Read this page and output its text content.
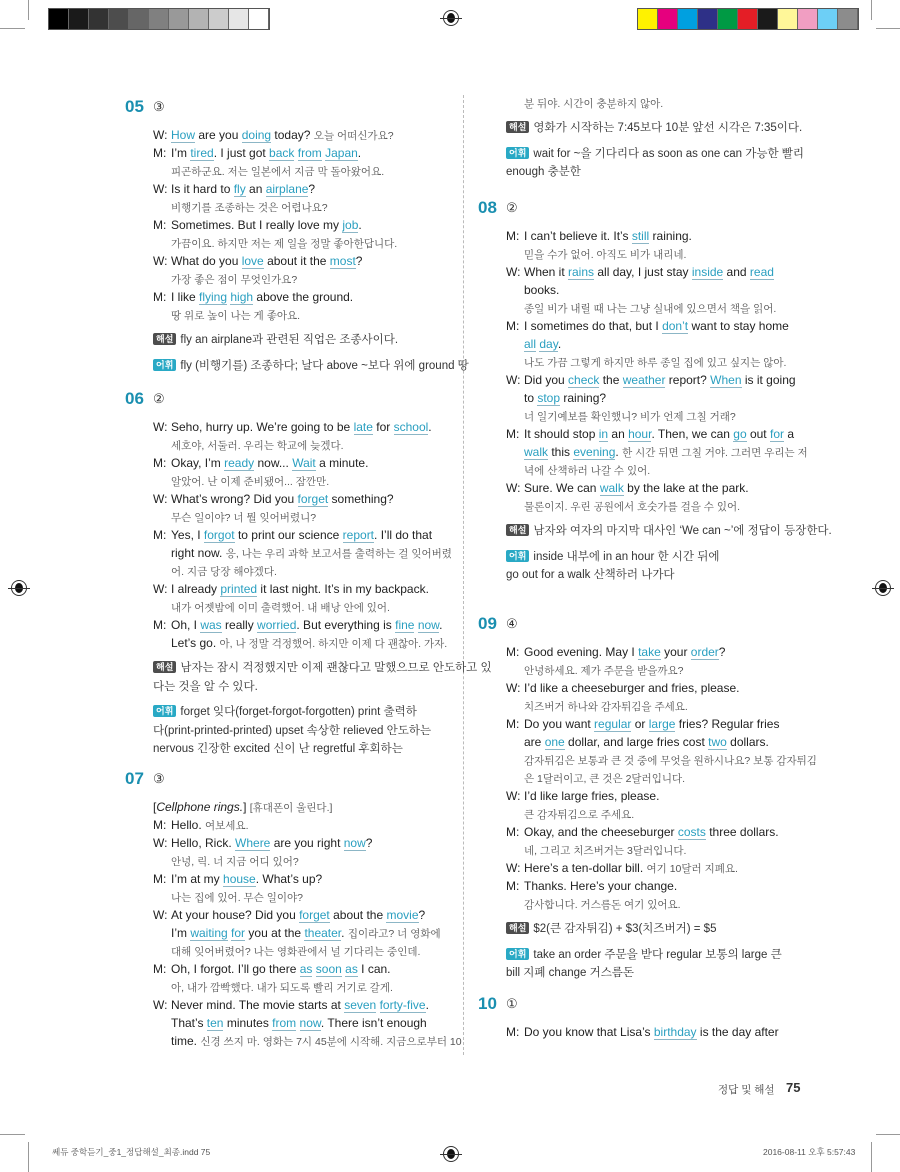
05 ③
W: How are you doing today? 오늘 어떠신가요?
M: I’m tired. I just got back from Japan.
피곤하군요. 저는 일본에서 지금 막 돌아왔어요.
W: Is it hard to fly an airplane?
비행기를 조종하는 것은 어렵나요?
M: Sometimes. But I really love my job.
가끔이요. 하지만 저는 제 일을 정말 좋아한답니다.
W: What do you love about it the most?
가장 좋은 점이 무엇인가요?
M: I like flying high above the ground.
땅 위로 높이 나는 게 좋아요.
해설 fly an airplane과 관련된 직업은 조종사이다.
어휘 fly (비행기를) 조종하다; 날다 above ~보다 위에 ground 땅
06 ②
W: Seho, hurry up. We’re going to be late for school.
세호야, 서둘러. 우리는 학교에 늦겠다.
M: Okay, I’m ready now... Wait a minute.
알았어. 난 이제 준비됐어... 잠깐만.
W: What’s wrong? Did you forget something?
무슨 일이야? 너 뭘 잊어버렸니?
M: Yes, I forgot to print our science report. I’ll do that
right now. 응, 나는 우리 과학 보고서를 출력하는 걸 잊어버렸
어. 지금 당장 해야겠다.
W: I already printed it last night. It’s in my backpack.
내가 어젯밤에 이미 출력했어. 내 배낭 안에 있어.
M: Oh, I was really worried. But everything is fine now.
Let’s go. 아, 나 정말 걱정했어. 하지만 이제 다 괜찮아. 가자.
해설 남자는 잠시 걱정했지만 이제 괜찮다고 말했으므로 안도하고 있
다는 것을 알 수 있다.
어휘 forget 잊다(forget-forgot-forgotten) print 출력하
다(print-printed-printed) upset 속상한 relieved 안도하는
nervous 긴장한 excited 신이 난 regretful 후회하는
07 ③
[Cellphone rings.] [휴대폰이 울린다.]
M: Hello. 여보세요.
W: Hello, Rick. Where are you right now?
안녕, 릭. 너 지금 어디 있어?
M: I’m at my house. What’s up?
나는 집에 있어. 무슨 일이야?
W: At your house? Did you forget about the movie?
I’m waiting for you at the theater. 집이라고? 너 영화에
대해 잊어버렸어? 나는 영화관에서 널 기다리는 중인데.
M: Oh, I forgot. I’ll go there as soon as I can.
아, 내가 깜빡했다. 내가 되도록 빨리 거기로 갈게.
W: Never mind. The movie starts at seven forty-five.
That’s ten minutes from now. There isn’t enough
time. 신경 쓰지 마. 영화는 7시 45분에 시작해. 지금으로부터 10
분 뒤야. 시간이 충분하지 않아.
해설 영화가 시작하는 7:45보다 10분 앞선 시각은 7:35이다.
어휘 wait for ~을 기다리다 as soon as one can 가능한 빨리
enough 충분한
08 ②
M: I can’t believe it. It’s still raining.
믿을 수가 없어. 아직도 비가 내리네.
W: When it rains all day, I just stay inside and read
books.
종일 비가 내릴 때 나는 그냥 실내에 있으면서 책을 읽어.
M: I sometimes do that, but I don’t want to stay home
all day.
나도 가끔 그렇게 하지만 하루 종일 집에 있고 싶지는 않아.
W: Did you check the weather report? When is it going
to stop raining?
너 일기예보를 확인했니? 비가 언제 그칠 거래?
M: It should stop in an hour. Then, we can go out for a
walk this evening. 한 시간 뒤면 그칠 거야. 그러면 우리는 저
녁에 산책하러 나갈 수 있어.
W: Sure. We can walk by the lake at the park.
물론이지. 우린 공원에서 호숫가를 걸을 수 있어.
해설 남자와 여자의 마지막 대사인 ‘We can ~’에 정답이 등장한다.
어휘 inside 내부에 in an hour 한 시간 뒤에
go out for a walk 산책하러 나가다
09 ④
M: Good evening. May I take your order?
안녕하세요. 제가 주문을 받을까요?
W: I’d like a cheeseburger and fries, please.
치즈버거 하나와 감자튀김을 주세요.
M: Do you want regular or large fries? Regular fries
are one dollar, and large fries cost two dollars.
감자튀김은 보통과 큰 것 중에 무엇을 원하시나요? 보통 감자튀김
은 1달러이고, 큰 것은 2달러입니다.
W: I’d like large fries, please.
큰 감자튀김으로 주세요.
M: Okay, and the cheeseburger costs three dollars.
네, 그리고 치즈버거는 3달러입니다.
W: Here’s a ten-dollar bill. 여기 10달러 지폐요.
M: Thanks. Here’s your change.
감사합니다. 거스름돈 여기 있어요.
해설 $2(큰 감자튀김) + $3(치즈버거) = $5
어휘 take an order 주문을 받다 regular 보통의 large 큰
bill 지폐 change 거스름돈
10 ①
M: Do you know that Lisa’s birthday is the day after
정답 및 해설 75
쎄듀 중학듣기_중1_정답해설_최종.indd 75	2016-08-11 오후 5:57:43
